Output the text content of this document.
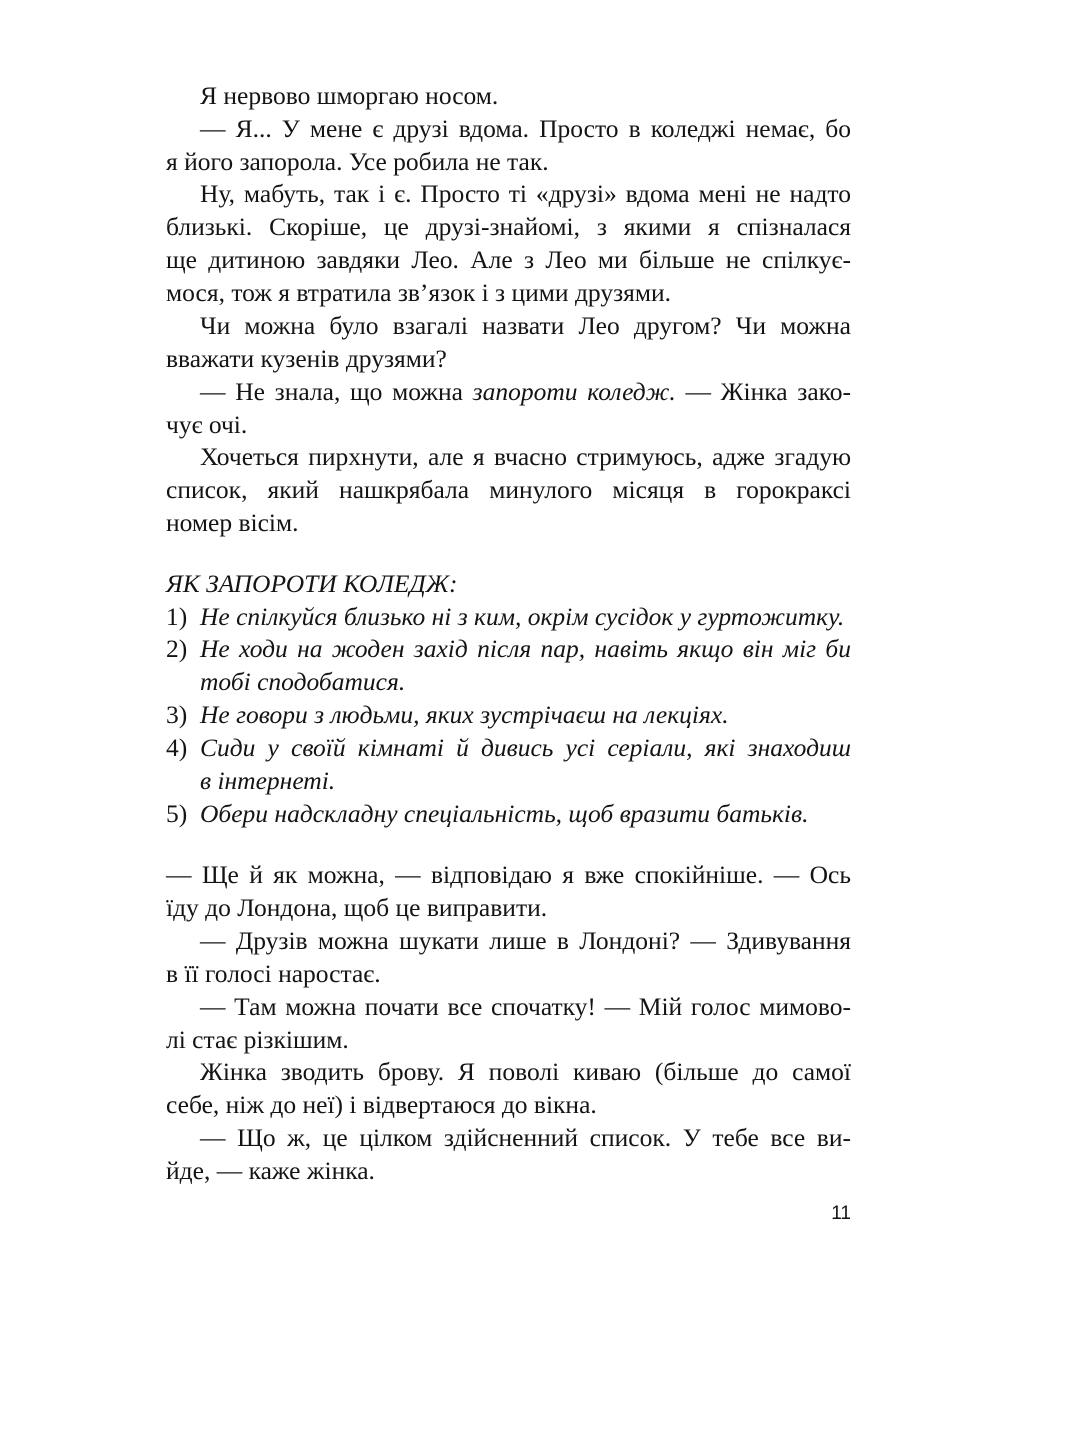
Я нервово шморгаю носом.
— Я... У мене є друзі вдома. Просто в коледжі немає, бо
я його запорола. Усе робила не так.
Ну, мабуть, так і є. Просто ті «друзі» вдома мені не надто
близькі. Скоріше, це друзі-знайомі, з якими я спізналася
ще дитиною завдяки Лео. Але з Лео ми більше не спілкує-
мося, тож я втратила зв’язок і з цими друзями.
Чи можна було взагалі назвати Лео другом? Чи можна
вважати кузенів друзями?
— Не знала, що можна запороти коледж. — Жінка зако-
чує очі.
Хочеться пирхнути, але я вчасно стримуюсь, адже згадую
список, який нашкрябала минулого місяця в горокраксі
номер вісім.
ЯК ЗАПОРОТИ КОЛЕДЖ:
1) Не спілкуйся близько ні з ким, окрім сусідок у гуртожитку.
2) Не ходи на жоден захід після пар, навіть якщо він міг би
тобі сподобатися.
3) Не говори з людьми, яких зустрічаєш на лекціях.
4) Сиди у своїй кімнаті й дивись усі серіали, які знаходиш
в інтернеті.
5) Обери надскладну спеціальність, щоб вразити батьків.
— Ще й як можна, — відповідаю я вже спокійніше. — Ось
їду до Лондона, щоб це виправити.
— Друзів можна шукати лише в Лондоні? — Здивування
в її голосі наростає.
— Там можна почати все спочатку! — Мій голос мимово-
лі стає різкішим.
Жінка зводить брову. Я поволі киваю (більше до самої
себе, ніж до неї) і відвертаюся до вікна.
— Що ж, це цілком здійсненний список. У тебе все ви-
йде, — каже жінка.
11
